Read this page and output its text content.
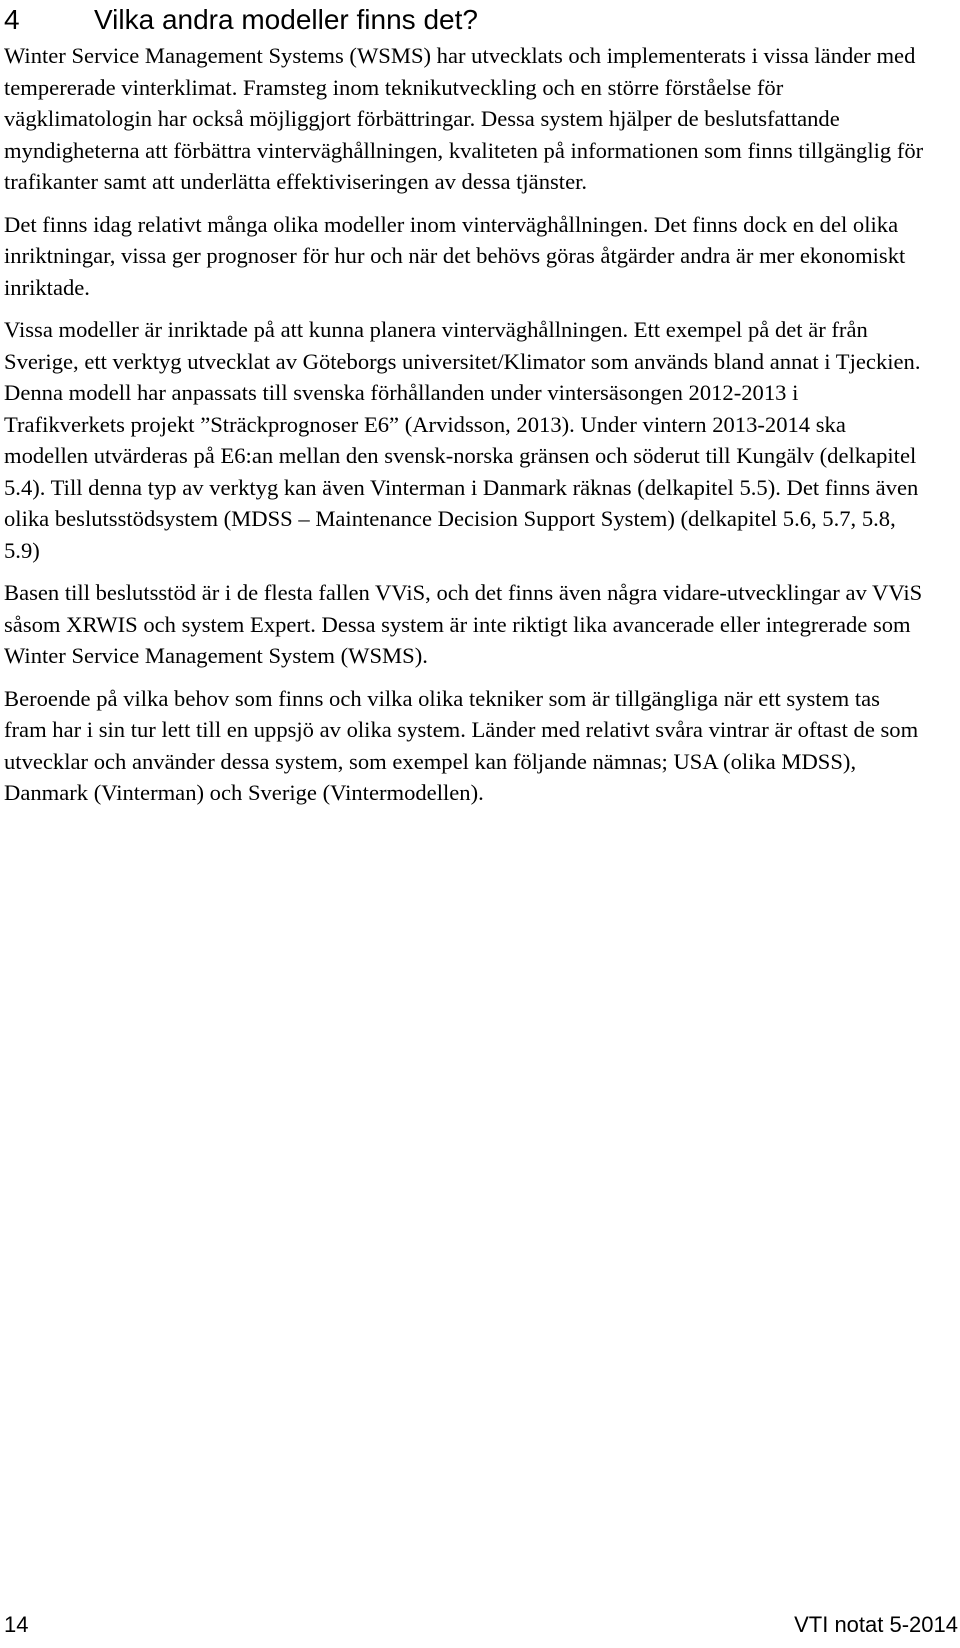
4	Vilka andra modeller finns det?

Winter Service Management Systems (WSMS) har utvecklats och implementerats i vissa länder med tempererade vinterklimat. Framsteg inom teknikutveckling och en större förståelse för vägklimatologin har också möjliggjort förbättringar. Dessa system hjälper de beslutsfattande myndigheterna att förbättra vinterväghållningen, kvaliteten på informationen som finns tillgänglig för trafikanter samt att underlätta effektiviseringen av dessa tjänster.

Det finns idag relativt många olika modeller inom vinterväghållningen. Det finns dock en del olika inriktningar, vissa ger prognoser för hur och när det behövs göras åtgärder andra är mer ekonomiskt inriktade.

Vissa modeller är inriktade på att kunna planera vinterväghållningen. Ett exempel på det är från Sverige, ett verktyg utvecklat av Göteborgs universitet/Klimator som används bland annat i Tjeckien. Denna modell har anpassats till svenska förhållanden under vintersäsongen 2012-2013 i Trafikverkets projekt ”Sträckprognoser E6” (Arvidsson, 2013). Under vintern 2013-2014 ska modellen utvärderas på E6:an mellan den svensk-norska gränsen och söderut till Kungälv (delkapitel 5.4). Till denna typ av verktyg kan även Vinterman i Danmark räknas (delkapitel 5.5). Det finns även olika beslutsstödsystem (MDSS – Maintenance Decision Support System) (delkapitel 5.6, 5.7, 5.8, 5.9)

Basen till beslutsstöd är i de flesta fallen VViS, och det finns även några vidare-utvecklingar av VViS såsom XRWIS och system Expert. Dessa system är inte riktigt lika avancerade eller integrerade som Winter Service Management System (WSMS).

Beroende på vilka behov som finns och vilka olika tekniker som är tillgängliga när ett system tas fram har i sin tur lett till en uppsjö av olika system. Länder med relativt svåra vintrar är oftast de som utvecklar och använder dessa system, som exempel kan följande nämnas; USA (olika MDSS), Danmark (Vinterman) och Sverige (Vintermodellen).

14	VTI notat 5-2014
